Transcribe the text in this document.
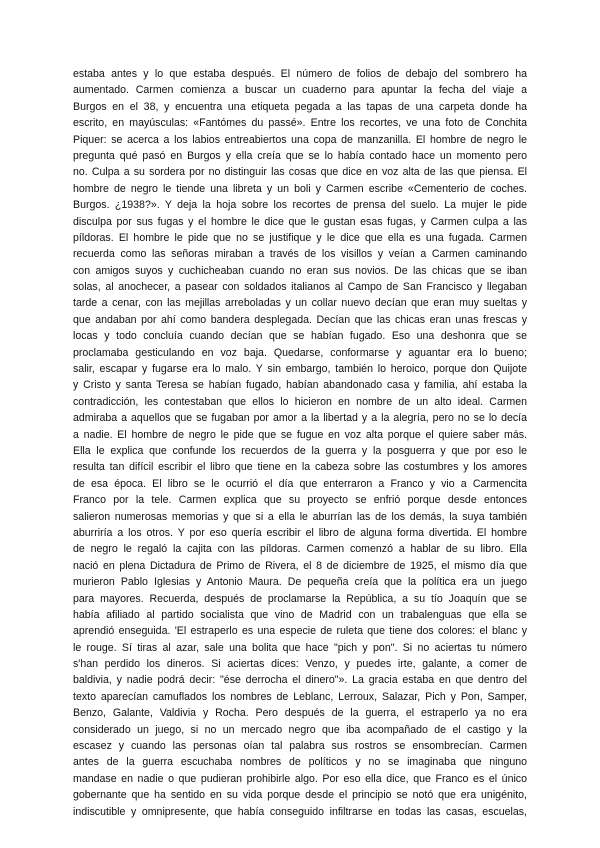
estaba antes y lo que estaba después. El número de folios de debajo del sombrero ha
aumentado. Carmen comienza a buscar un cuaderno para apuntar la fecha del viaje a
Burgos en el 38, y encuentra una etiqueta pegada a las tapas de una carpeta donde ha
escrito, en mayúsculas: «Fantómes du passé». Entre los recortes, ve una foto de Conchita
Piquer: se acerca a los labios entreabiertos una copa de manzanilla. El hombre de negro le
pregunta qué pasó en Burgos y ella creía que se lo había contado hace un momento pero
no. Culpa a su sordera por no distinguir las cosas que dice en voz alta de las que piensa. El
hombre de negro le tiende una libreta y un boli y Carmen escribe «Cementerio de coches.
Burgos. ¿1938?». Y deja la hoja sobre los recortes de prensa del suelo. La mujer le pide
disculpa por sus fugas y el hombre le dice que le gustan esas fugas, y Carmen culpa a las
píldoras. El hombre le pide que no se justifique y le dice que ella es una fugada. Carmen
recuerda como las señoras miraban a través de los visillos y veían a Carmen caminando
con amigos suyos y cuchicheaban cuando no eran sus novios. De las chicas que se iban
solas, al anochecer, a pasear con soldados italianos al Campo de San Francisco y llegaban
tarde a cenar, con las mejillas arreboladas y un collar nuevo decían que eran muy sueltas y
que andaban por ahí como bandera desplegada. Decían que las chicas eran unas frescas y
locas y todo concluía cuando decían que se habían fugado. Eso una deshonra que se
proclamaba gesticulando en voz baja. Quedarse, conformarse y aguantar era lo bueno;
salir, escapar y fugarse era lo malo. Y sin embargo, también lo heroico, porque don Quijote
y Cristo y santa Teresa se habían fugado, habían abandonado casa y familia, ahí estaba la
contradicción, les contestaban que ellos lo hicieron en nombre de un alto ideal. Carmen
admiraba a aquellos que se fugaban por amor a la libertad y a la alegría, pero no se lo decía
a nadie. El hombre de negro le pide que se fugue en voz alta porque el quiere saber más.
Ella le explica que confunde los recuerdos de la guerra y la posguerra y que por eso le
resulta tan difícil escribir el libro que tiene en la cabeza sobre las costumbres y los amores
de esa época. El libro se le ocurrió el día que enterraron a Franco y vio a Carmencita
Franco por la tele. Carmen explica que su proyecto se enfrió porque desde entonces
salieron numerosas memorias y que si a ella le aburrían las de los demás, la suya también
aburriría a los otros. Y por eso quería escribir el libro de alguna forma divertida. El hombre
de negro le regaló la cajita con las píldoras. Carmen comenzó a hablar de su libro. Ella
nació en plena Dictadura de Primo de Rivera, el 8 de diciembre de 1925, el mismo día que
murieron Pablo Iglesias y Antonio Maura. De pequeña creía que la política era un juego
para mayores. Recuerda, después de proclamarse la República, a su tío Joaquín que se
había afiliado al partido socialista que vino de Madrid con un trabalenguas que ella se
aprendió enseguida. 'El estraperlo es una especie de ruleta que tiene dos colores: el blanc y
le rouge. Sí tiras al azar, sale una bolita que hace "pich y pon". Si no aciertas tu número
s'han perdido los dineros. Si aciertas dices: Venzo, y puedes irte, galante, a comer de
baldivia, y nadie podrá decir: "ése derrocha el dinero"». La gracia estaba en que dentro del
texto aparecían camuflados los nombres de Leblanc, Lerroux, Salazar, Pich y Pon, Samper,
Benzo, Galante, Valdivia y Rocha. Pero después de la guerra, el estraperlo ya no era
considerado un juego, si no un mercado negro que iba acompañado de el castigo y la
escasez y cuando las personas oían tal palabra sus rostros se ensombrecían. Carmen
antes de la guerra escuchaba nombres de políticos y no se imaginaba que ninguno
mandase en nadie o que pudieran prohibirle algo. Por eso ella dice, que Franco es el único
gobernante que ha sentido en su vida porque desde el principio se notó que era unigénito,
indiscutible y omnipresente, que había conseguido infiltrarse en todas las casas, escuelas,
